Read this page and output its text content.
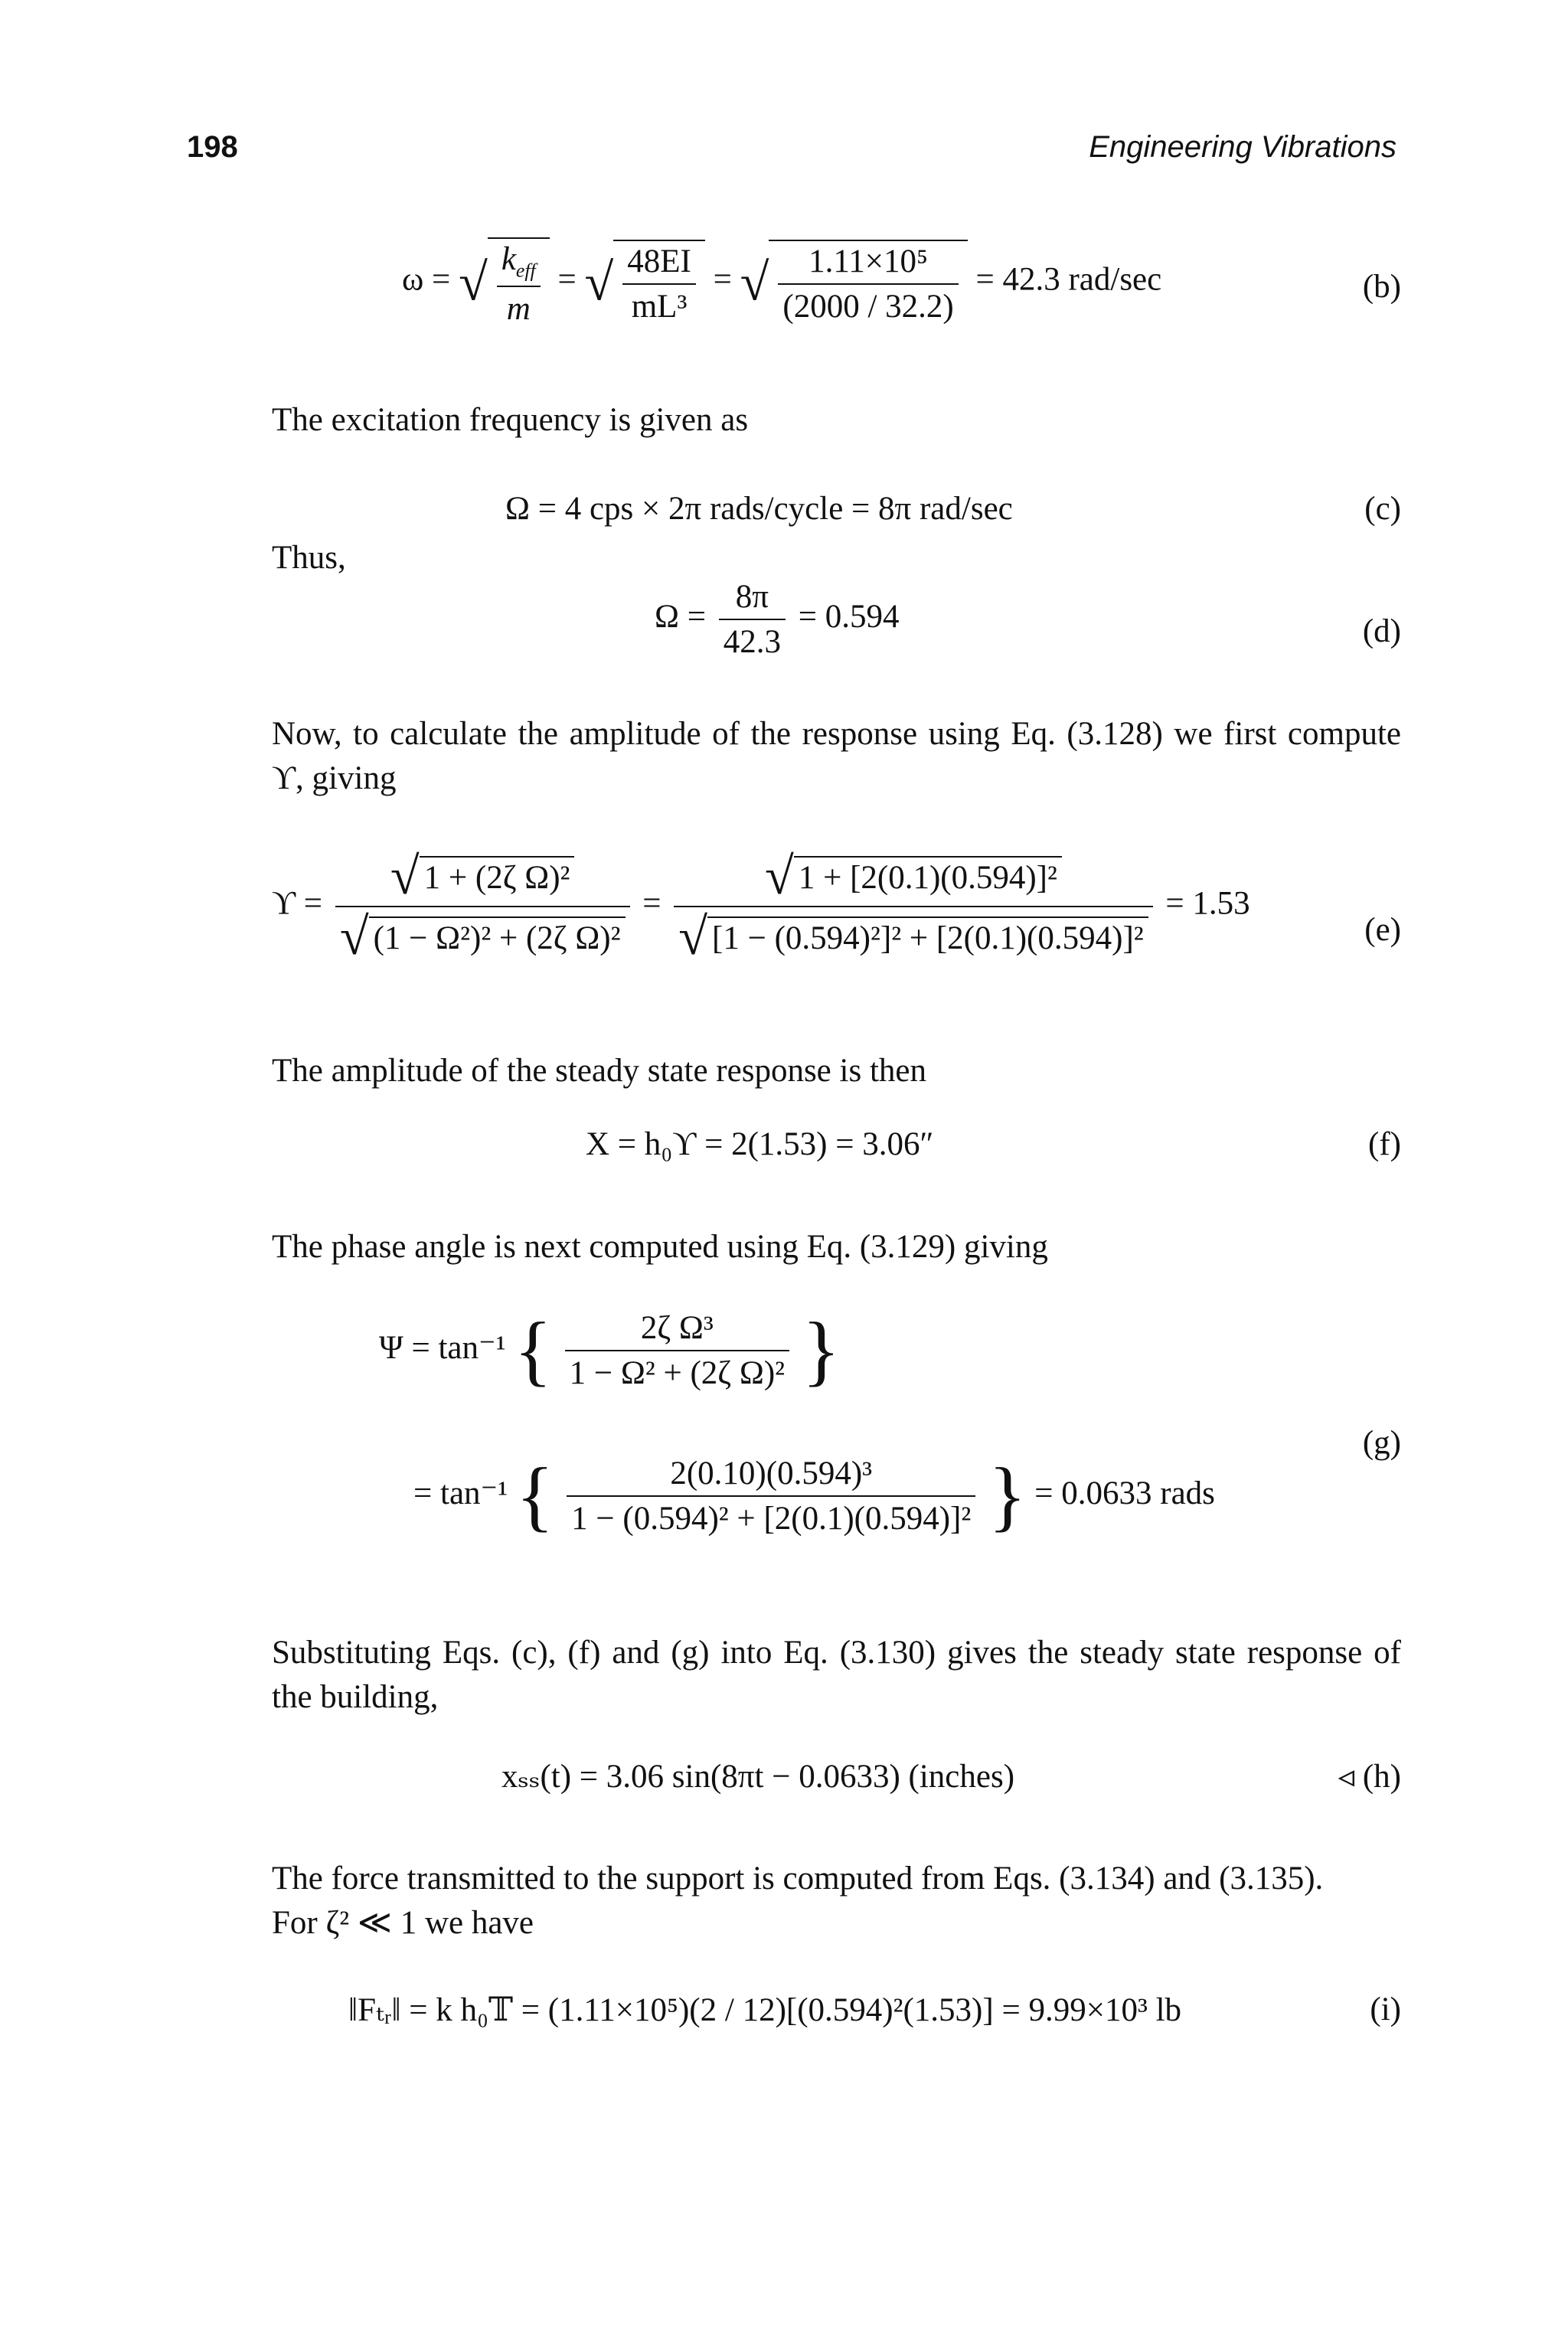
198	Engineering Vibrations
ω = √ $\frac{k_{eff}}{m}$ = √ $\frac{48EI}{\text{mL³}}$ = √ $\frac{\text{1.11×10⁵}}{(2000 / 32.2)} = 42.3$ rad/sec	(b)
The excitation frequency is given as
Ω = 4 cps × 2π rads/cycle = 8π rad/sec	(c)
Thus,
$\Omega = \frac{8\pi}{42.3} = 0.594$	(d)
Now, to calculate the amplitude of the response using Eq. (3.128) we first compute ϒ, giving
$ϒ = \frac{\text{√ 1 + (2ζ Ω)²}}{\text{√ (1 − Ω²)² + (2ζ Ω)²}} = \frac{\text{√ 1 + [2(0.1)(0.594)]²}}{\text{√ [1 − (0.594)²]² + [2(0.1)(0.594)]²}} = 1.53$
(e)
The amplitude of the steady state response is then
X = h₀ϒ = 2(1.53) = 3.06″	(f)
The phase angle is next computed using Eq. (3.129) giving
Ψ = tan⁻¹ { $\frac{\text{2ζ Ω³}}{\text{1 − Ω² + (2ζ Ω)²}}$ }
= tan⁻¹ { $\frac{\text{2(0.10)(0.594)³}}{\text{1 − (0.594)² + [2(0.1)(0.594)]²}}$ } = 0.0633 rads
(g)
Substituting Eqs. (c), (f) and (g) into Eq. (3.130) gives the steady state response of the building,
xₛₛ(t) = 3.06 sin(8πt − 0.0633) (inches)	◃ (h)
The force transmitted to the support is computed from Eqs. (3.134) and (3.135).
For ζ² ≪ 1 we have
‖Fₜᵣ‖ = k h₀𝕋 = (1.11×10⁵)(2 / 12)[(0.594)²(1.53)] = 9.99×10³ lb	(i)
